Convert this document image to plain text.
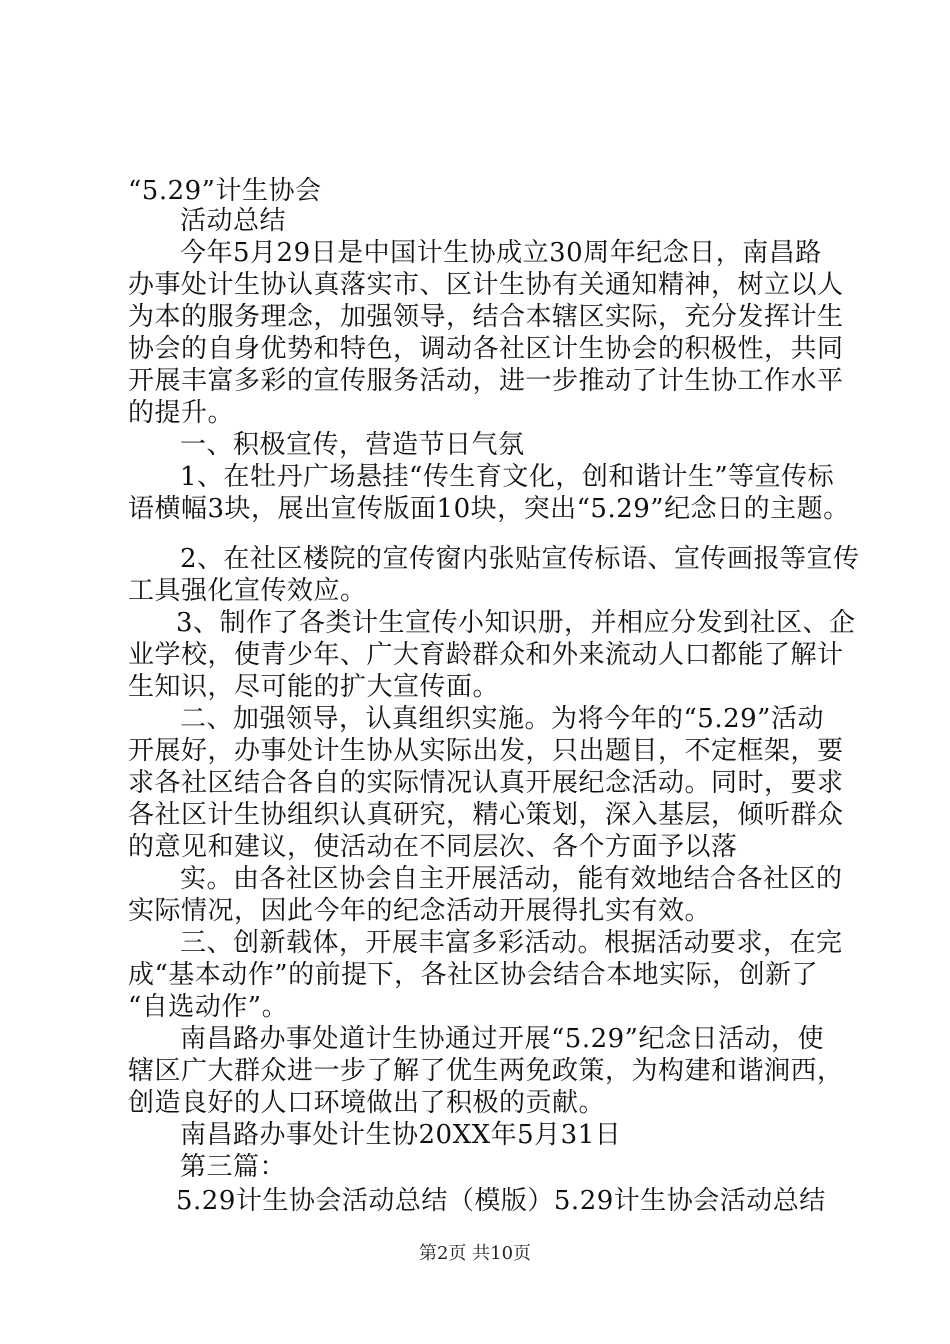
“5.29”计生协会
活动总结
今年5月29日是中国计生协成立30周年纪念日，南昌路
办事处计生协认真落实市、区计生协有关通知精神，树立以人
为本的服务理念，加强领导，结合本辖区实际，充分发挥计生
协会的自身优势和特色，调动各社区计生协会的积极性，共同
开展丰富多彩的宣传服务活动，进一步推动了计生协工作水平
的提升。
一、积极宣传，营造节日气氛
1、在牡丹广场悬挂“传生育文化，创和谐计生”等宣传标
语横幅3块，展出宣传版面10块，突出“5.29”纪念日的主题。
2、在社区楼院的宣传窗内张贴宣传标语、宣传画报等宣传
工具强化宣传效应。
3、制作了各类计生宣传小知识册，并相应分发到社区、企
业学校，使青少年、广大育龄群众和外来流动人口都能了解计
生知识，尽可能的扩大宣传面。
二、加强领导，认真组织实施。为将今年的“5.29”活动
开展好，办事处计生协从实际出发，只出题目，不定框架，要
求各社区结合各自的实际情况认真开展纪念活动。同时，要求
各社区计生协组织认真研究，精心策划，深入基层，倾听群众
的意见和建议，使活动在不同层次、各个方面予以落
实。由各社区协会自主开展活动，能有效地结合各社区的
实际情况，因此今年的纪念活动开展得扎实有效。
三、创新载体，开展丰富多彩活动。根据活动要求，在完
成“基本动作”的前提下，各社区协会结合本地实际，创新了
“自选动作”。
南昌路办事处道计生协通过开展“5.29”纪念日活动，使
辖区广大群众进一步了解了优生两免政策，为构建和谐涧西，
创造良好的人口环境做出了积极的贡献。
南昌路办事处计生协20XX年5月31日
第三篇：
5.29计生协会活动总结（模版）5.29计生协会活动总结
第2页 共10页
